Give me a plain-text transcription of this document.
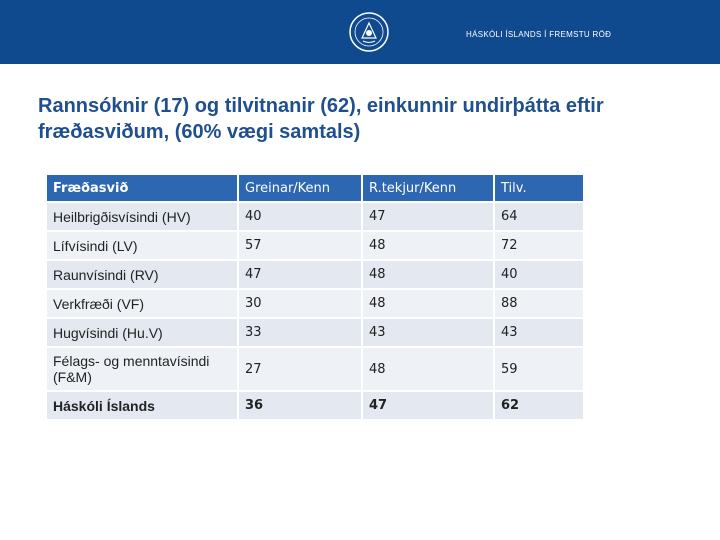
HÁSKÓLI ÍSLANDS Í FREMSTU RÖÐ
Rannsóknir (17) og tilvitnanir (62), einkunnir undirþátta eftir fræðasviðum, (60% vægi samtals)
Fræðasvið	Greinar/Kenn	R.tekjur/Kenn	Tilv.
Heilbrigðisvísindi (HV)	40	47	64
Lífvísindi (LV)	57	48	72
Raunvísindi (RV)	47	48	40
Verkfræði (VF)	30	48	88
Hugvísindi (Hu.V)	33	43	43
Félags- og menntavísindi (F&M)	27	48	59
Háskóli Íslands	36	47	62
